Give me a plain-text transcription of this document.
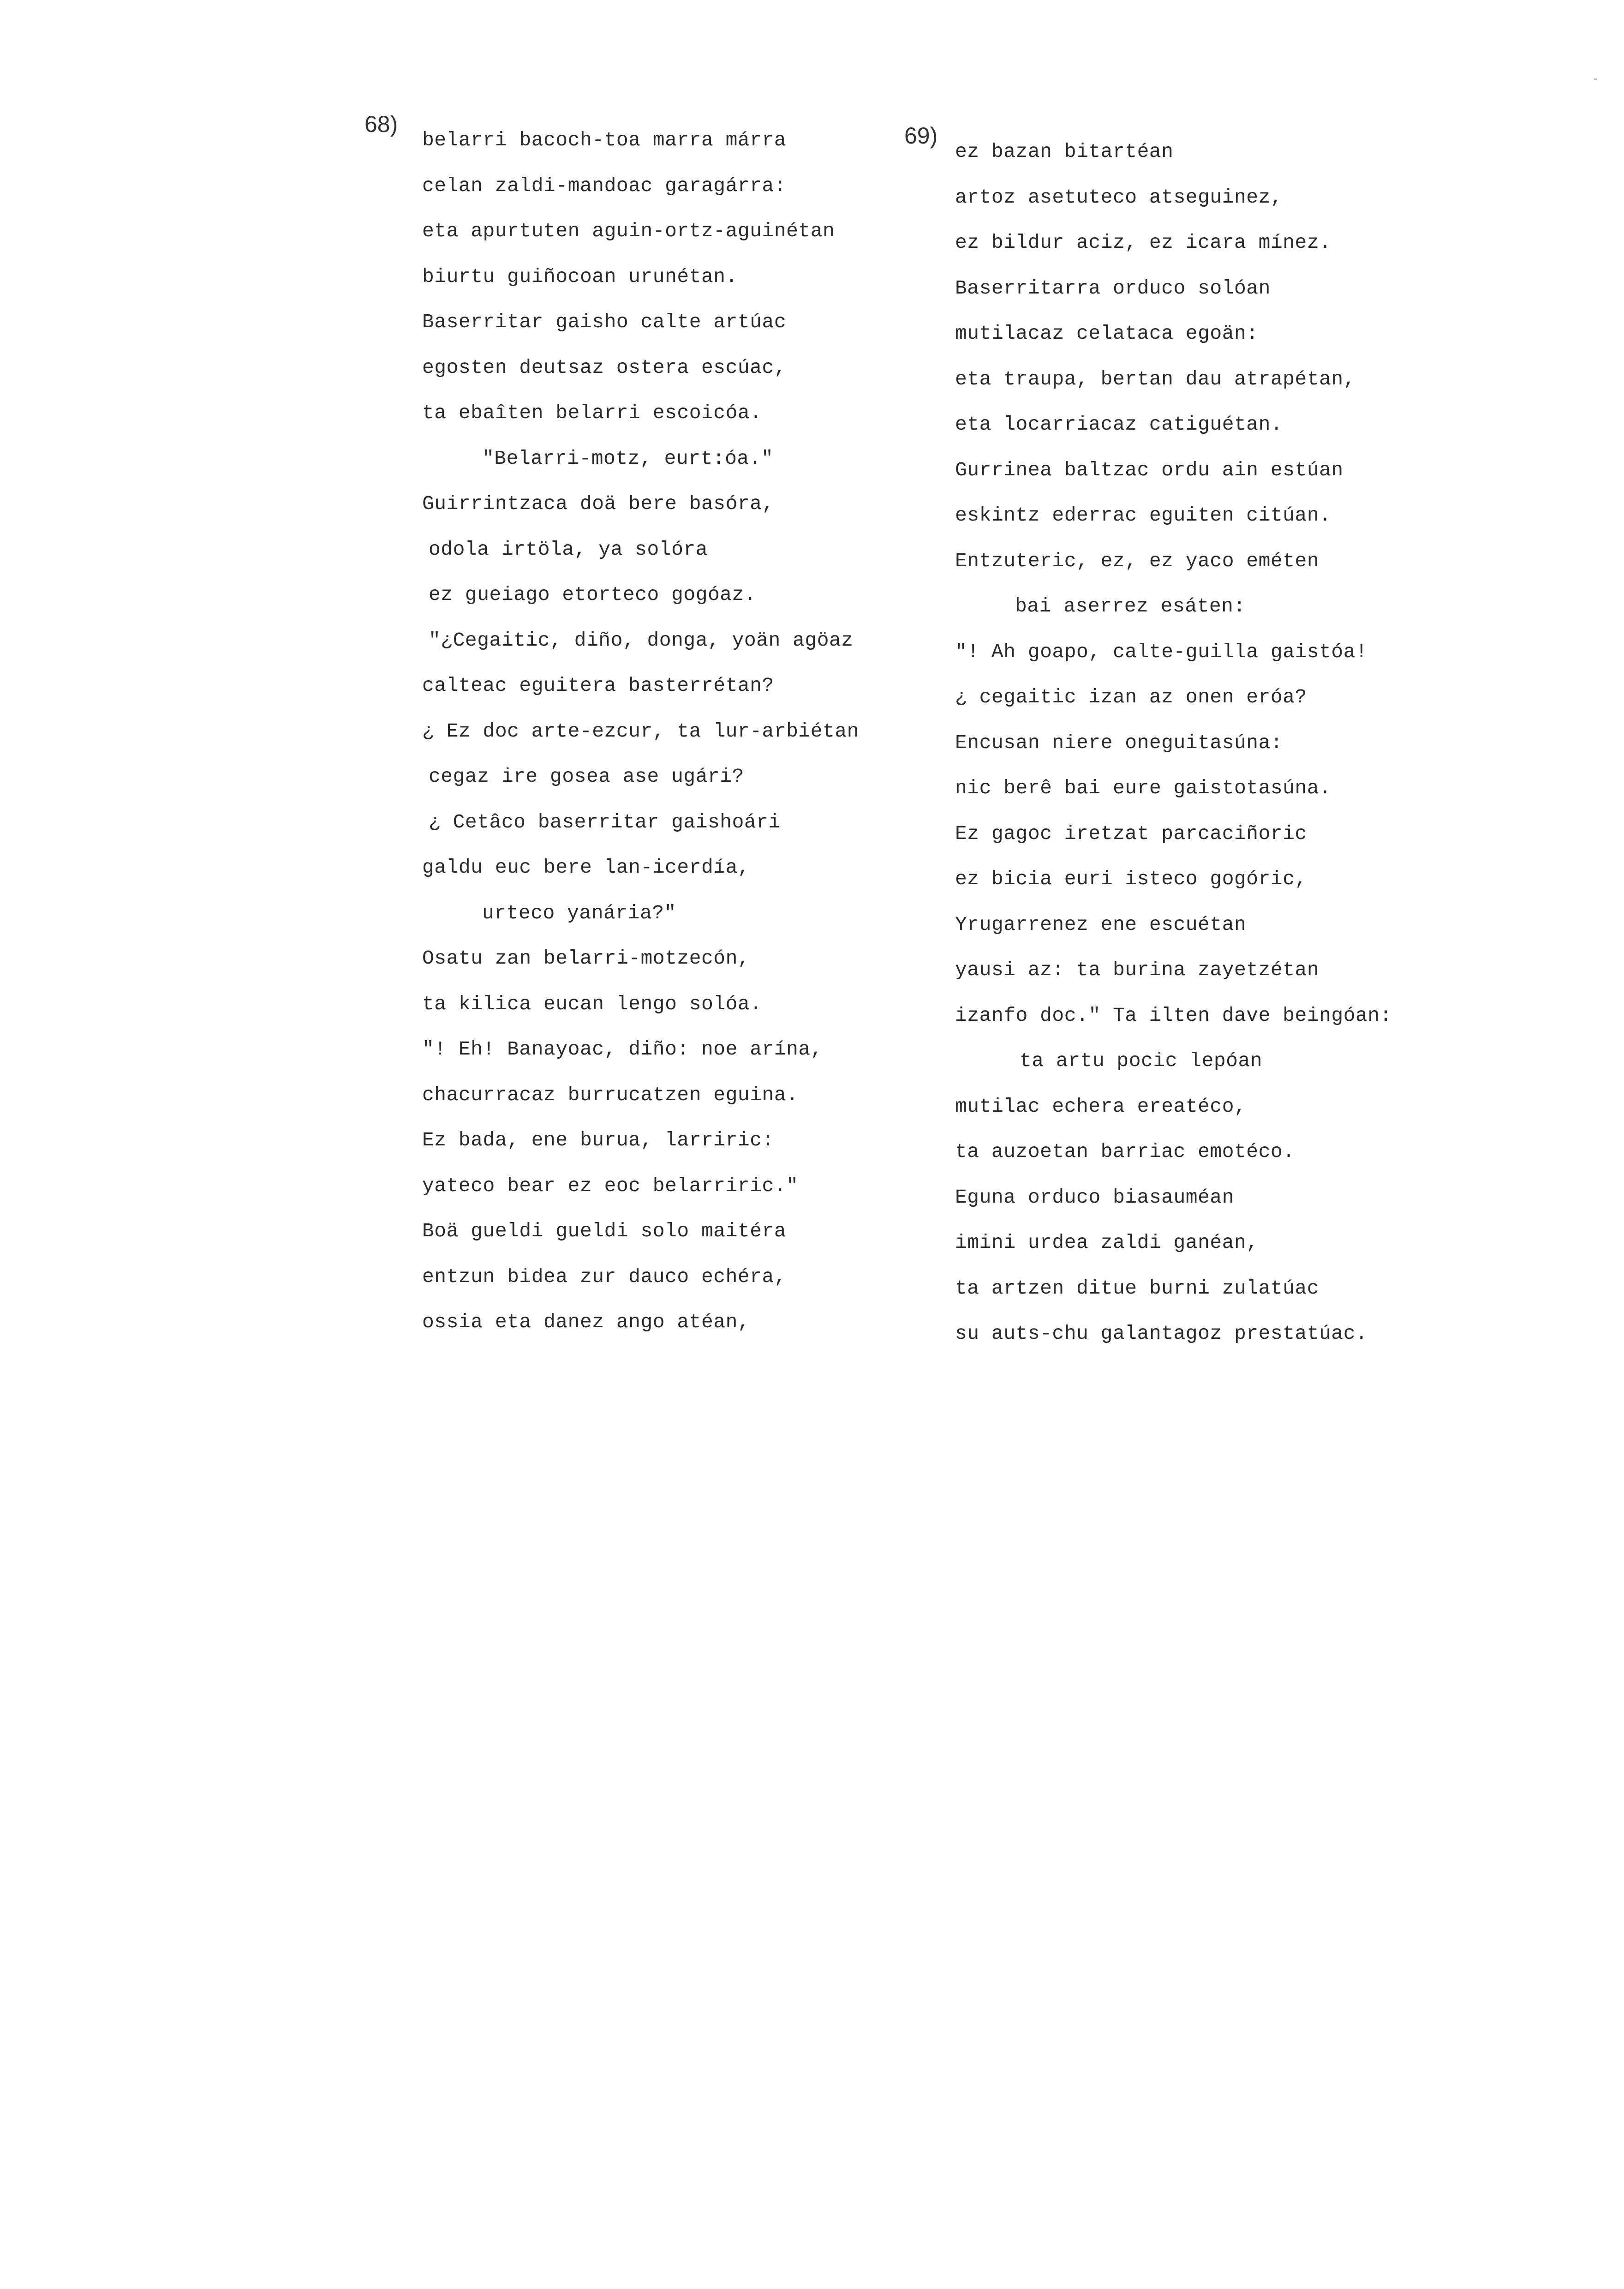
68)	69)
belarri bacoch-toa marra márra
celan zaldi-mandoac garagárra:
eta apurtuten aguin-ortz-aguinétan
biurtu guiñocoan urunétan.
Baserritar gaisho calte artúac
egosten deutsaz ostera escúac,
ta ebaîten belarri escoicóa.
"Belarri-motz, eurt:óa."
Guirrintzaca doä bere basóra,
odola irtöla, ya solóra
ez gueiago etorteco gogóaz.
"¿Cegaitic, diño, donga, yoän agöaz
calteac eguitera basterrétan?
¿ Ez doc arte-ezcur, ta lur-arbiétan
cegaz ire gosea ase ugári?
¿ Cetâco baserritar gaishoári
galdu euc bere lan-icerdía,
urteco yanária?"
Osatu zan belarri-motzecón,
ta kilica eucan lengo solóa.
"! Eh! Banayoac, diño: noe arína,
chacurracaz burrucatzen eguina.
Ez bada, ene burua, larriric:
yateco bear ez eoc belarriric."
Boä gueldi gueldi solo maitéra
entzun bidea zur dauco echéra,
ossia eta danez ango atéan,
ez bazan bitartéan
artoz asetuteco atseguinez,
ez bildur aciz, ez icara mínez.
Baserritarra orduco solóan
mutilacaz celataca egoän:
eta traupa, bertan dau atrapétan,
eta locarriacaz catiguétan.
Gurrinea baltzac ordu ain estúan
eskintz ederrac eguiten citúan.
Entzuteric, ez, ez yaco eméten
bai aserrez esáten:
"! Ah goapo, calte-guilla gaistóa!
¿ cegaitic izan az onen eróa?
Encusan niere oneguitasúna:
nic berê bai eure gaistotasúna.
Ez gagoc iretzat parcaciñoric
ez bicia euri isteco gogóric,
Yrugarrenez ene escuétan
yausi az: ta burina zayetzétan
izanfo doc." Ta ilten dave beingóan:
ta artu pocic lepóan
mutilac echera ereatéco,
ta auzoetan barriac emotéco.
Eguna orduco biasauméan
imini urdea zaldi ganéan,
ta artzen ditue burni zulatúac
su auts-chu galantagoz prestatúac.
